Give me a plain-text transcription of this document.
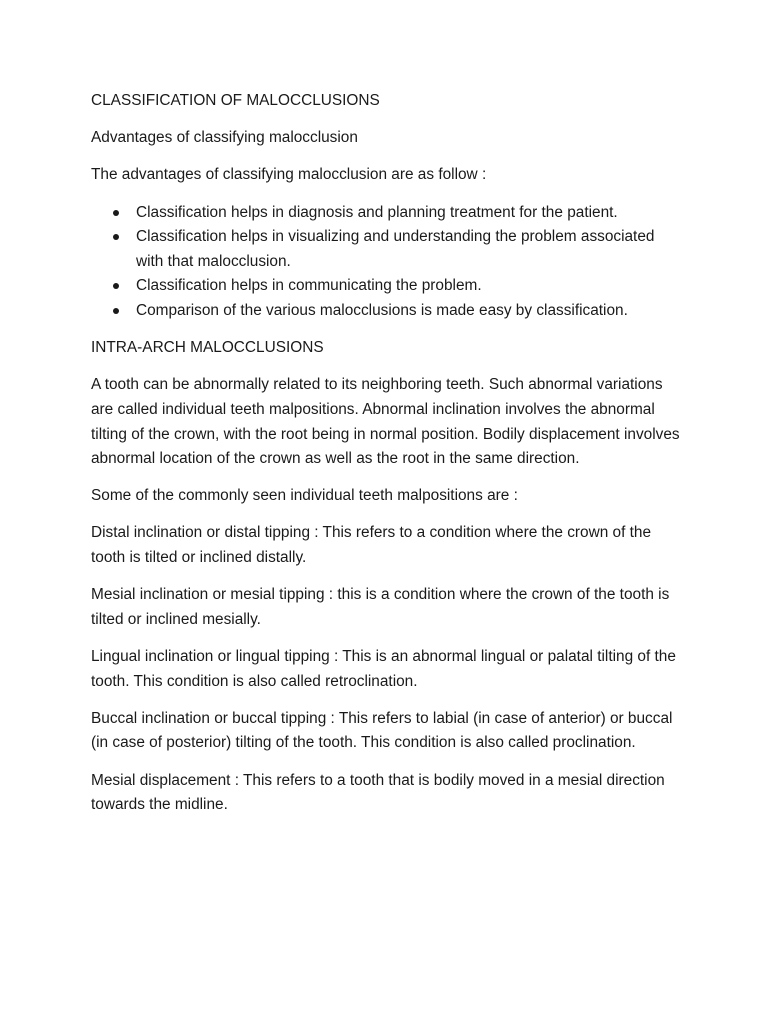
CLASSIFICATION OF MALOCCLUSIONS

Advantages of classifying malocclusion

The advantages of classifying malocclusion are as follow :

Classification helps in diagnosis and planning treatment for the patient.
Classification helps in visualizing and understanding the problem associated with that malocclusion.
Classification helps in communicating the problem.
Comparison of the various malocclusions is made easy by classification.

INTRA-ARCH MALOCCLUSIONS

A tooth can be abnormally related to its neighboring teeth. Such abnormal variations are called individual teeth malpositions. Abnormal inclination involves the abnormal tilting of the crown, with the root being in normal position. Bodily displacement involves abnormal location of the crown as well as the root in the same direction.

Some of the commonly seen individual teeth malpositions are :

Distal inclination or distal tipping : This refers to a condition where the crown of the tooth is tilted or inclined distally.

Mesial inclination or mesial tipping : this is a condition where the crown of the tooth is tilted or inclined mesially.

Lingual inclination or lingual tipping : This is an abnormal lingual or palatal tilting of the tooth. This condition is also called retroclination.

Buccal inclination or buccal tipping : This refers to labial (in case of anterior) or buccal (in case of posterior) tilting of the tooth. This condition is also called proclination.

Mesial displacement : This refers to a tooth that is bodily moved in a mesial direction towards the midline.
